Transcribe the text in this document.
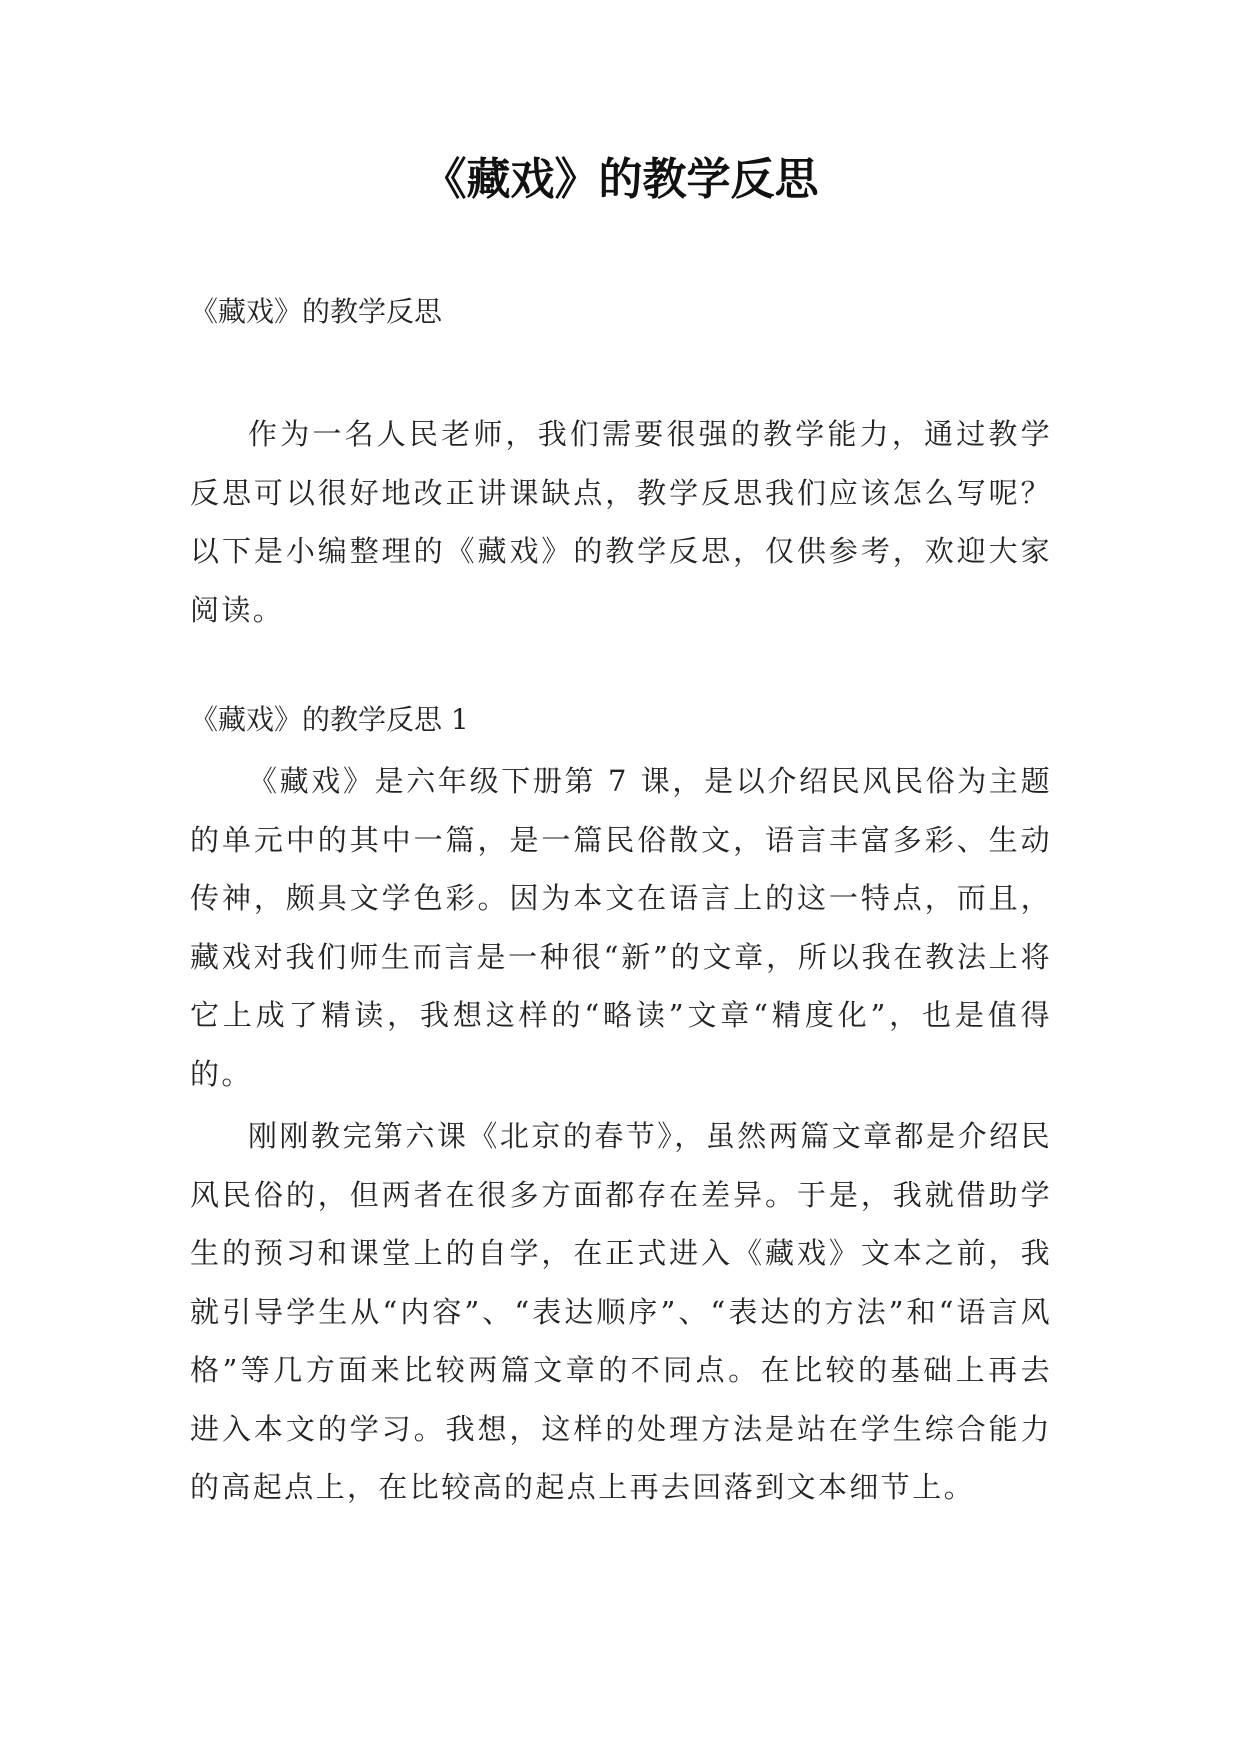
《藏戏》的教学反思

《藏戏》的教学反思

作为一名人民老师，我们需要很强的教学能力，通过教学反思可以很好地改正讲课缺点，教学反思我们应该怎么写呢？以下是小编整理的《藏戏》的教学反思，仅供参考，欢迎大家阅读。

《藏戏》的教学反思 1

《藏戏》是六年级下册第 7 课，是以介绍民风民俗为主题的单元中的其中一篇，是一篇民俗散文，语言丰富多彩、生动传神，颇具文学色彩。因为本文在语言上的这一特点，而且，藏戏对我们师生而言是一种很“新”的文章，所以我在教法上将它上成了精读，我想这样的“略读”文章“精度化”，也是值得的。

刚刚教完第六课《北京的春节》，虽然两篇文章都是介绍民风民俗的，但两者在很多方面都存在差异。于是，我就借助学生的预习和课堂上的自学，在正式进入《藏戏》文本之前，我就引导学生从“内容”、“表达顺序”、“表达的方法”和“语言风格”等几方面来比较两篇文章的不同点。在比较的基础上再去进入本文的学习。我想，这样的处理方法是站在学生综合能力的高起点上，在比较高的起点上再去回落到文本细节上。
